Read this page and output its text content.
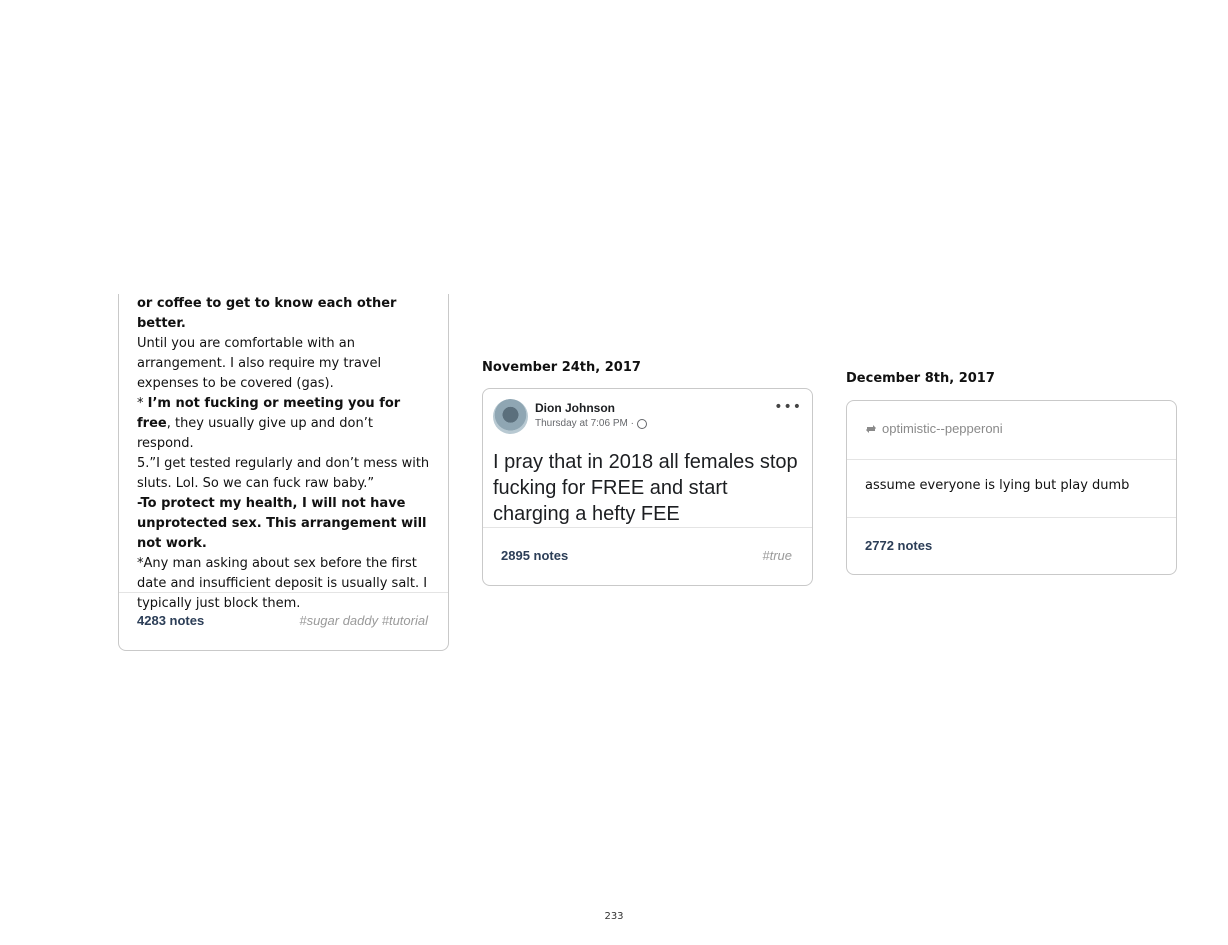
or coffee to get to know each other better.

Until you are comfortable with an arrangement. I also require my travel expenses to be covered (gas).

* I’m not fucking or meeting you for free, they usually give up and don’t respond.

5.”I get tested regularly and don’t mess with sluts. Lol. So we can fuck raw baby.”

-To protect my health, I will not have unprotected sex. This arrangement will not work.

*Any man asking about sex before the first date and insufficient deposit is usually salt. I typically just block them.

4283 notes	#sugar daddy #tutorial
November 24th, 2017
Dion Johnson
Thursday at 7:06 PM ·
•••
I pray that in 2018 all females stop fucking for FREE and start charging a hefty FEE
2895 notes	#true
December 8th, 2017
optimistic--pepperoni
assume everyone is lying but play dumb
2772 notes
233
